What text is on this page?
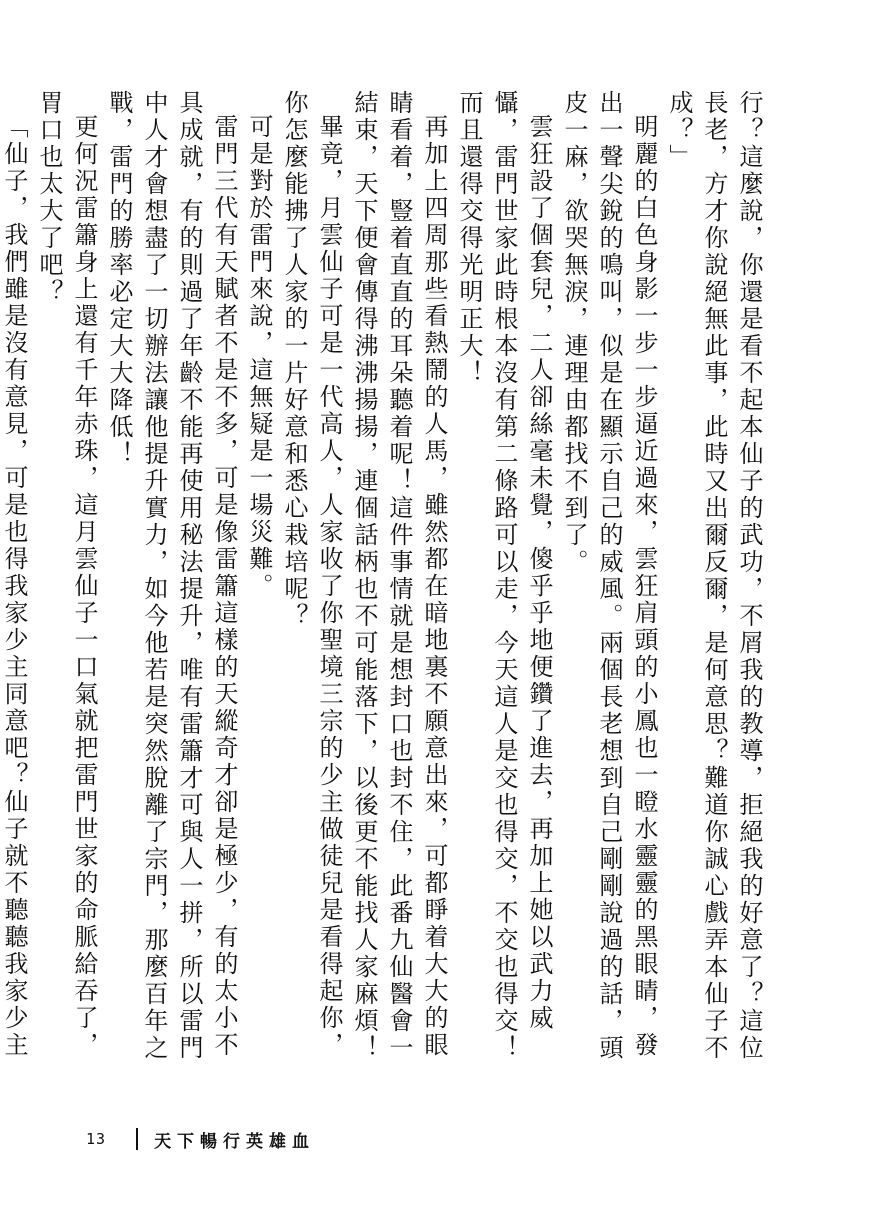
行？這麼說，你還是看不起本仙子的武功，不屑我的教導，拒絕我的好意了？這位長老，方才你說絕無此事，此時又出爾反爾，是何意思？難道你誠心戲弄本仙子不成？」

明麗的白色身影一步一步逼近過來，雲狂肩頭的小鳳也一瞪水靈靈的黑眼睛，發出一聲尖銳的鳴叫，似是在顯示自己的威風。兩個長老想到自己剛剛說過的話，頭皮一麻，欲哭無淚，連理由都找不到了。

雲狂設了個套兒，二人卻絲毫未覺，傻乎乎地便鑽了進去，再加上她以武力威懾，雷門世家此時根本沒有第二條路可以走，今天這人是交也得交，不交也得交！而且還得交得光明正大！

再加上四周那些看熱鬧的人馬，雖然都在暗地裏不願意出來，可都睜着大大的眼睛看着，豎着直直的耳朵聽着呢！這件事情就是想封口也封不住，此番九仙醫會一結束，天下便會傳得沸沸揚揚，連個話柄也不可能落下，以後更不能找人家麻煩！

畢竟，月雲仙子可是一代高人，人家收了你聖境三宗的少主做徒兒是看得起你，你怎麼能拂了人家的一片好意和悉心栽培呢？

可是對於雷門來說，這無疑是一場災難。

雷門三代有天賦者不是不多，可是像雷簫這樣的天縱奇才卻是極少，有的太小不具成就，有的則過了年齡不能再使用秘法提升，唯有雷簫才可與人一拼，所以雷門中人才會想盡了一切辦法讓他提升實力，如今他若是突然脫離了宗門，那麼百年之戰，雷門的勝率必定大大降低！

更何況雷簫身上還有千年赤珠，這月雲仙子一口氣就把雷門世家的命脈給吞了，胃口也太大了吧？

「仙子，我們雖是沒有意見，可是也得我家少主同意吧？仙子就不聽聽我家少主

13	天下暢行英雄血
